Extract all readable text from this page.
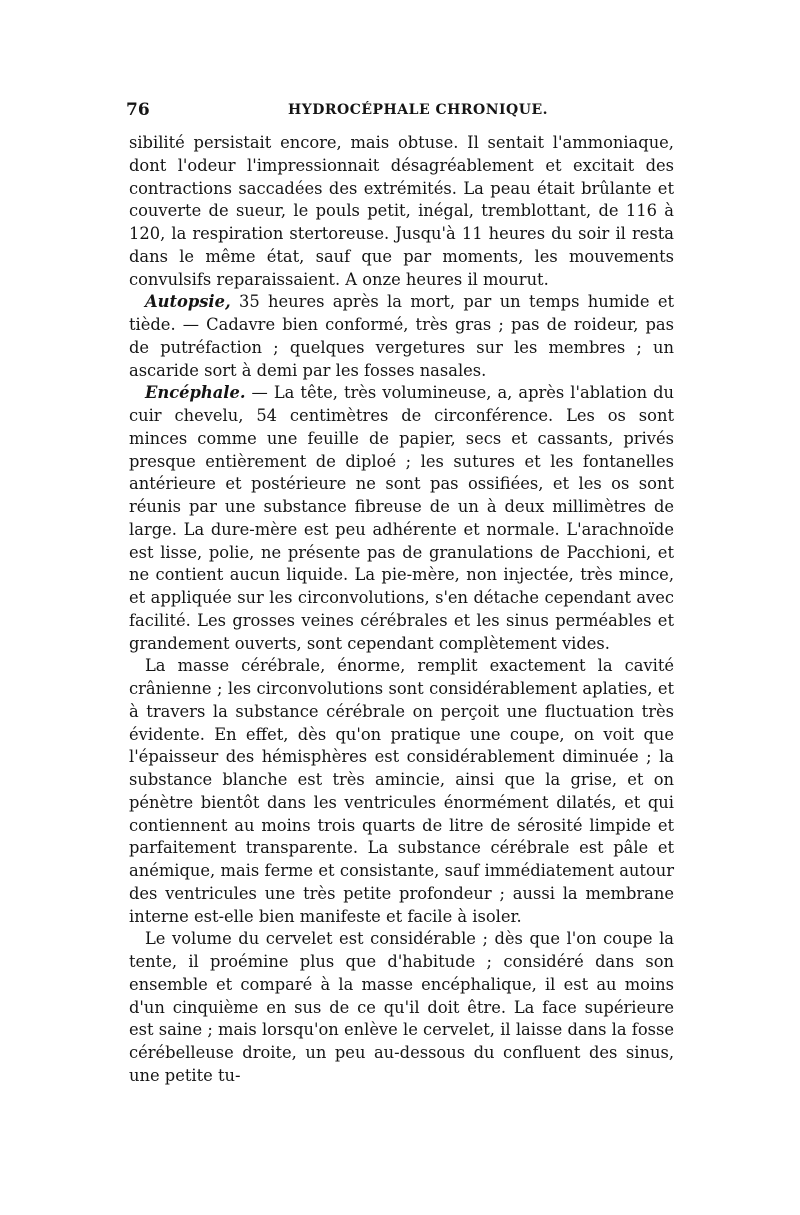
76	HYDROCÉPHALE CHRONIQUE.

sibilité persistait encore, mais obtuse. Il sentait l'ammoniaque, dont l'odeur l'impressionnait désagréablement et excitait des contractions saccadées des extrémités. La peau était brûlante et couverte de sueur, le pouls petit, inégal, tremblottant, de 116 à 120, la respiration stertoreuse. Jusqu'à 11 heures du soir il resta dans le même état, sauf que par moments, les mouvements convulsifs reparaissaient. A onze heures il mourut.

Autopsie, 35 heures après la mort, par un temps humide et tiède. — Cadavre bien conformé, très gras ; pas de roideur, pas de putréfaction ; quelques vergetures sur les membres ; un ascaride sort à demi par les fosses nasales.

Encéphale. — La tête, très volumineuse, a, après l'ablation du cuir chevelu, 54 centimètres de circonférence. Les os sont minces comme une feuille de papier, secs et cassants, privés presque entièrement de diploé ; les sutures et les fontanelles antérieure et postérieure ne sont pas ossifiées, et les os sont réunis par une substance fibreuse de un à deux millimètres de large. La dure-mère est peu adhérente et normale. L'arachnoïde est lisse, polie, ne présente pas de granulations de Pacchioni, et ne contient aucun liquide. La pie-mère, non injectée, très mince, et appliquée sur les circonvolutions, s'en détache cependant avec facilité. Les grosses veines cérébrales et les sinus perméables et grandement ouverts, sont cependant complètement vides.

La masse cérébrale, énorme, remplit exactement la cavité crânienne ; les circonvolutions sont considérablement aplaties, et à travers la substance cérébrale on perçoit une fluctuation très évidente. En effet, dès qu'on pratique une coupe, on voit que l'épaisseur des hémisphères est considérablement diminuée ; la substance blanche est très amincie, ainsi que la grise, et on pénètre bientôt dans les ventricules énormément dilatés, et qui contiennent au moins trois quarts de litre de sérosité limpide et parfaitement transparente. La substance cérébrale est pâle et anémique, mais ferme et consistante, sauf immédiatement autour des ventricules une très petite profondeur ; aussi la membrane interne est-elle bien manifeste et facile à isoler.

Le volume du cervelet est considérable ; dès que l'on coupe la tente, il proémine plus que d'habitude ; considéré dans son ensemble et comparé à la masse encéphalique, il est au moins d'un cinquième en sus de ce qu'il doit être. La face supérieure est saine ; mais lorsqu'on enlève le cervelet, il laisse dans la fosse cérébelleuse droite, un peu au-dessous du confluent des sinus, une petite tu-
